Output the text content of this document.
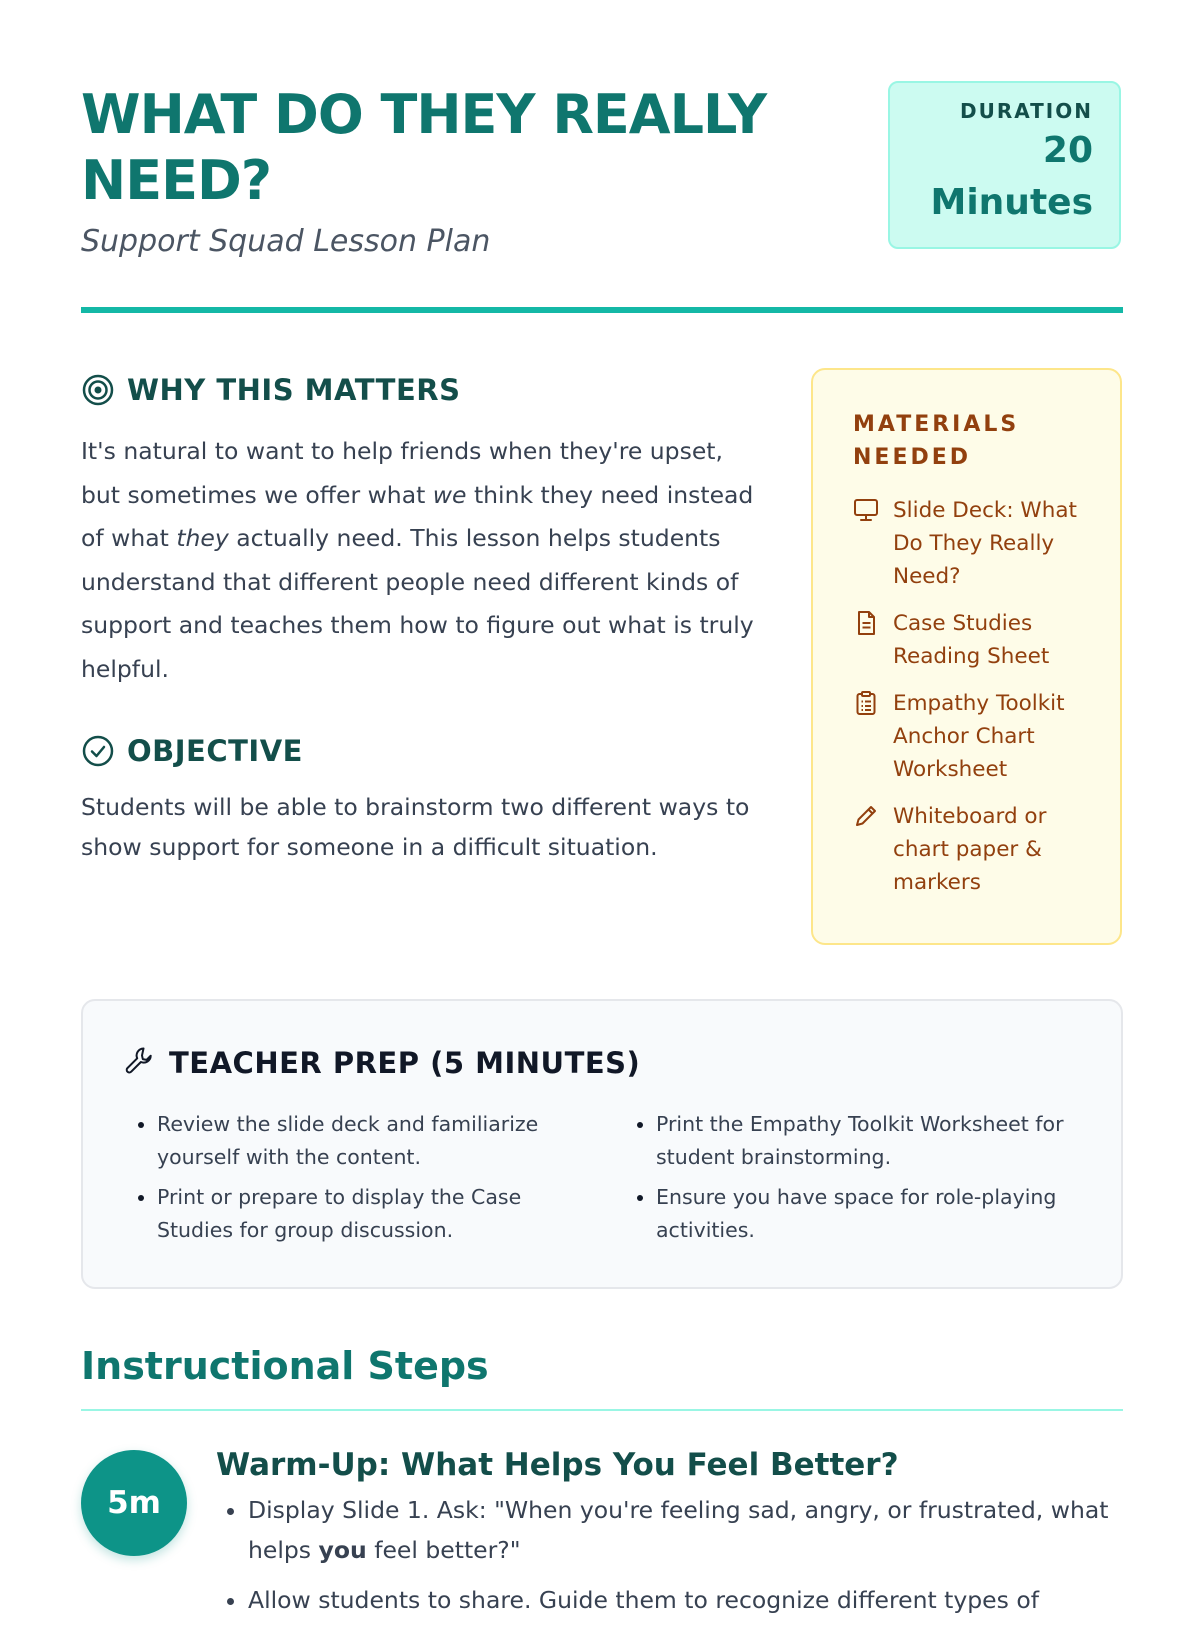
WHAT DO THEY REALLY NEED?

Support Squad Lesson Plan

DURATION
20
Minutes
WHY THIS MATTERS

It's natural to want to help friends when they're upset, but sometimes we offer what we think they need instead of what they actually need. This lesson helps students understand that different people need different kinds of support and teaches them how to figure out what is truly helpful.

OBJECTIVE

Students will be able to brainstorm two different ways to show support for someone in a difficult situation.

MATERIALS NEEDED
Slide Deck: What Do They Really Need?
Case Studies Reading Sheet
Empathy Toolkit Anchor Chart Worksheet
Whiteboard or chart paper & markers
TEACHER PREP (5 MINUTES)
• Review the slide deck and familiarize yourself with the content.
• Print or prepare to display the Case Studies for group discussion.
• Print the Empathy Toolkit Worksheet for student brainstorming.
• Ensure you have space for role-playing activities.
Instructional Steps
5m
Warm-Up: What Helps You Feel Better?
• Display Slide 1. Ask: "When you're feeling sad, angry, or frustrated, what helps you feel better?"
• Allow students to share. Guide them to recognize different types of
